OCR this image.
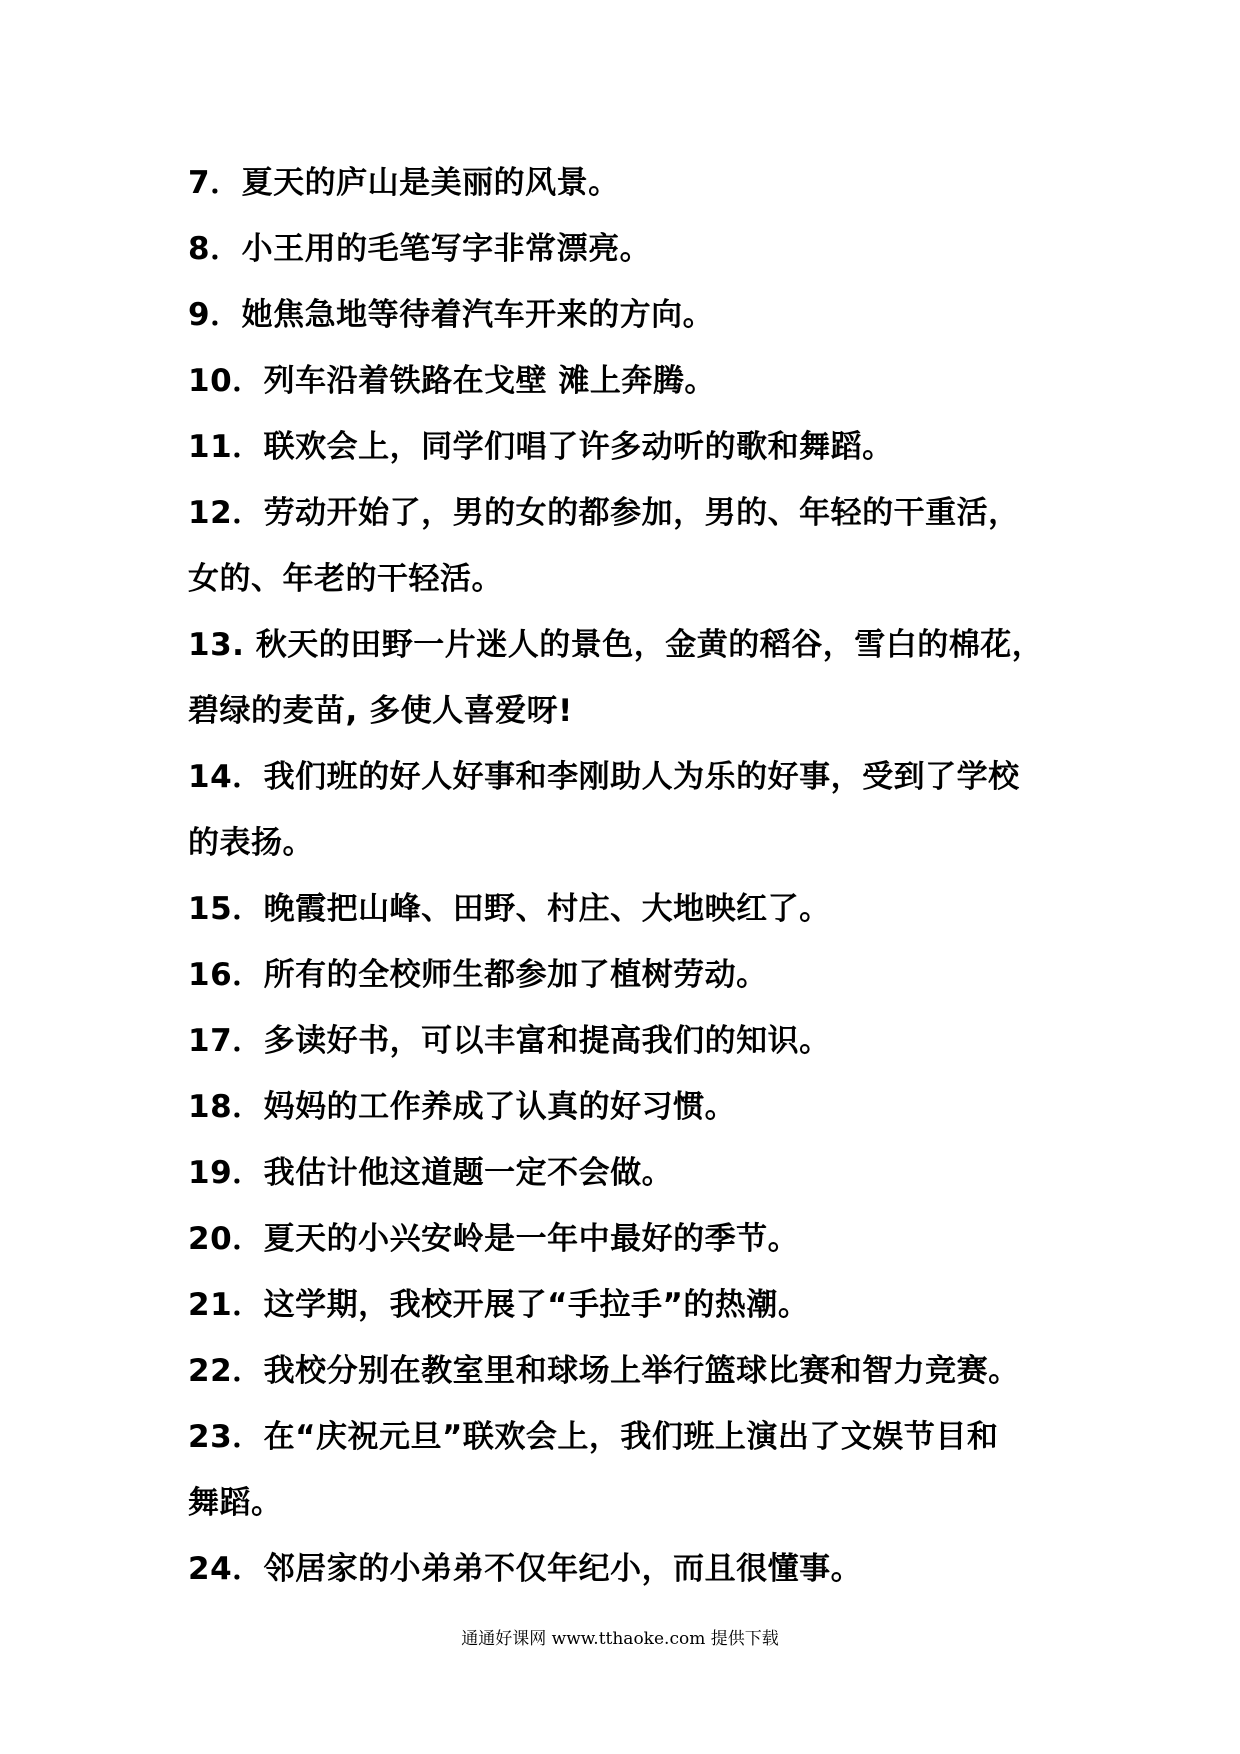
7．夏天的庐山是美丽的风景。
8．小王用的毛笔写字非常漂亮。
9．她焦急地等待着汽车开来的方向。
10．列车沿着铁路在戈壁 滩上奔腾。
11．联欢会上，同学们唱了许多动听的歌和舞蹈。
12．劳动开始了，男的女的都参加，男的、年轻的干重活，
女的、年老的干轻活。
13. 秋天的田野一片迷人的景色，金黄的稻谷，雪白的棉花，
碧绿的麦苗, 多使人喜爱呀!
14．我们班的好人好事和李刚助人为乐的好事，受到了学校
的表扬。
15．晚霞把山峰、田野、村庄、大地映红了。
16．所有的全校师生都参加了植树劳动。
17．多读好书，可以丰富和提高我们的知识。
18．妈妈的工作养成了认真的好习惯。
19．我估计他这道题一定不会做。
20．夏天的小兴安岭是一年中最好的季节。
21．这学期，我校开展了“手拉手”的热潮。
22．我校分别在教室里和球场上举行篮球比赛和智力竞赛。
23．在“庆祝元旦”联欢会上，我们班上演出了文娱节目和
舞蹈。
24．邻居家的小弟弟不仅年纪小，而且很懂事。
通通好课网 www.tthaoke.com 提供下载
